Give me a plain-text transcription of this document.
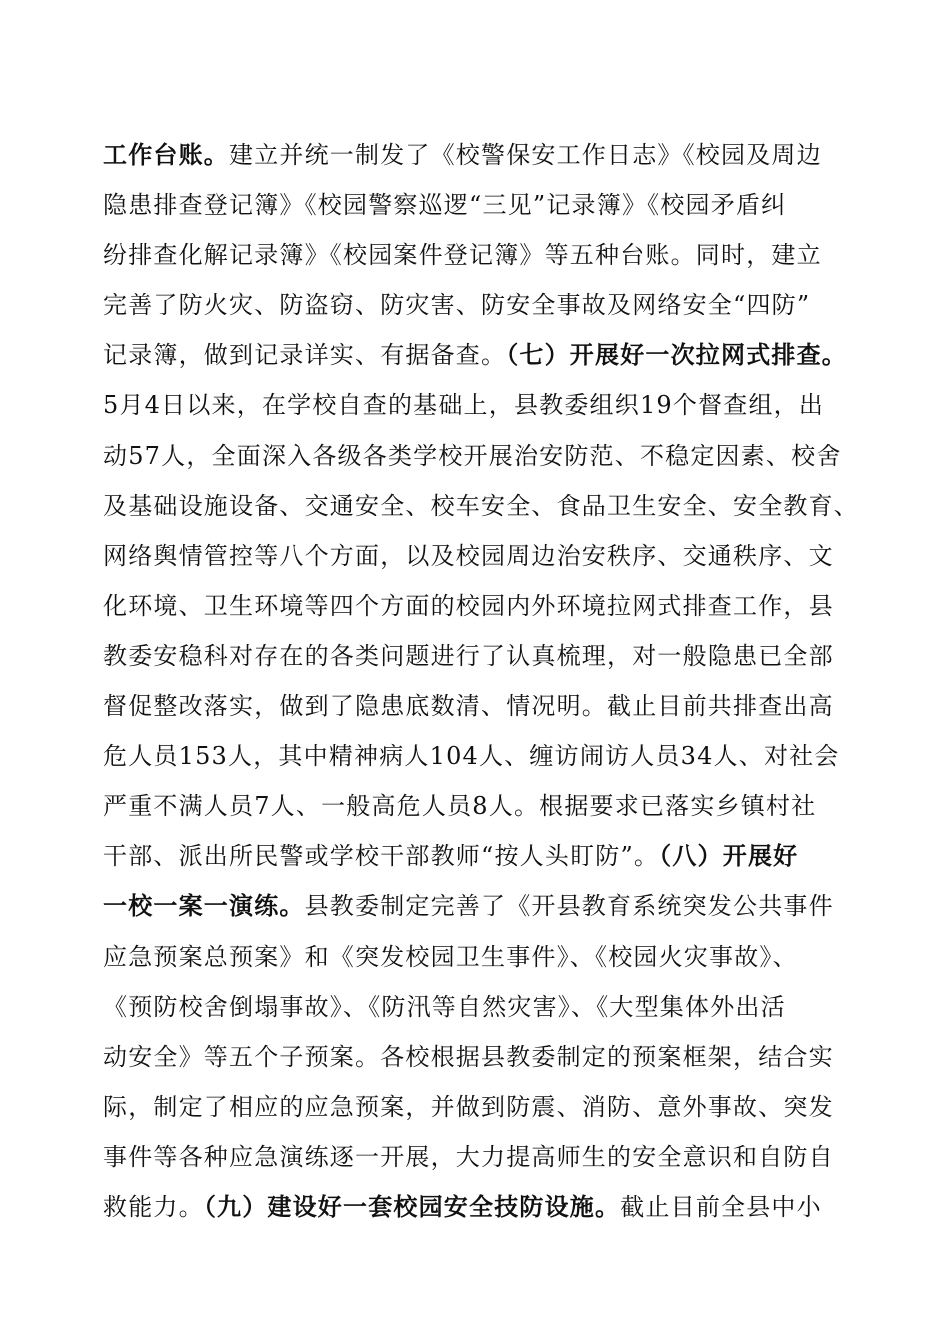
工作台账。建立并统一制发了《校警保安工作日志》《校园及周边
隐患排查登记簿》《校园警察巡逻“三见”记录簿》《校园矛盾纠
纷排查化解记录簿》《校园案件登记簿》等五种台账。同时，建立
完善了防火灾、防盗窃、防灾害、防安全事故及网络安全“四防”
记录簿，做到记录详实、有据备查。（七）开展好一次拉网式排查。
5月4日以来，在学校自查的基础上，县教委组织19个督查组，出
动57人，全面深入各级各类学校开展治安防范、不稳定因素、校舍
及基础设施设备、交通安全、校车安全、食品卫生安全、安全教育、
网络舆情管控等八个方面，以及校园周边治安秩序、交通秩序、文
化环境、卫生环境等四个方面的校园内外环境拉网式排查工作，县
教委安稳科对存在的各类问题进行了认真梳理，对一般隐患已全部
督促整改落实，做到了隐患底数清、情况明。截止目前共排查出高
危人员153人，其中精神病人104人、缠访闹访人员34人、对社会
严重不满人员7人、一般高危人员8人。根据要求已落实乡镇村社
干部、派出所民警或学校干部教师“按人头盯防”。（八）开展好
一校一案一演练。县教委制定完善了《开县教育系统突发公共事件
应急预案总预案》和《突发校园卫生事件》、《校园火灾事故》、
《预防校舍倒塌事故》、《防汛等自然灾害》、《大型集体外出活
动安全》等五个子预案。各校根据县教委制定的预案框架，结合实
际，制定了相应的应急预案，并做到防震、消防、意外事故、突发
事件等各种应急演练逐一开展，大力提高师生的安全意识和自防自
救能力。（九）建设好一套校园安全技防设施。截止目前全县中小
